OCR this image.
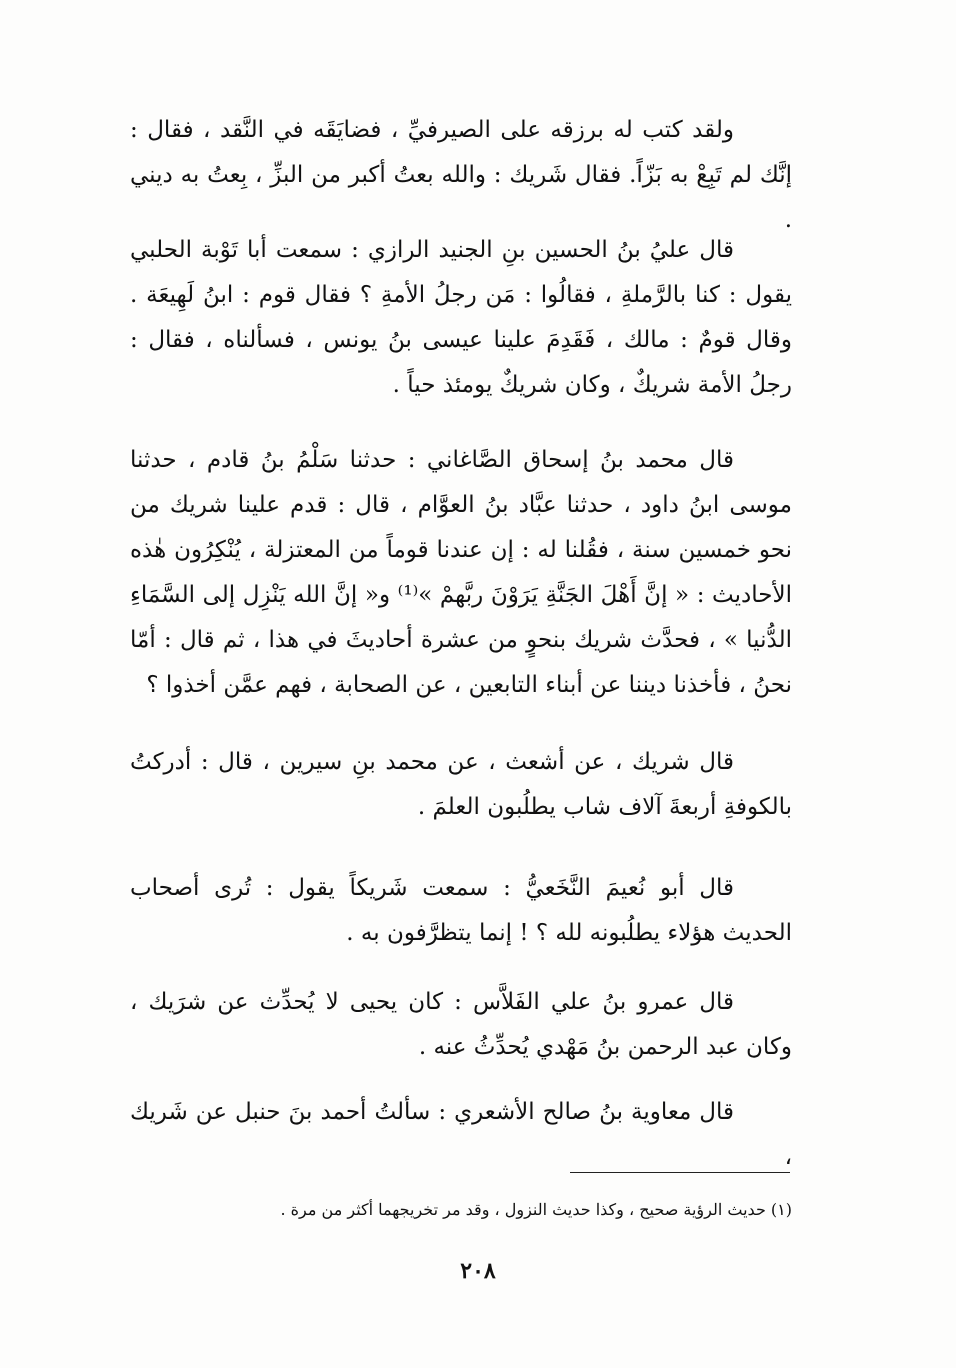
ولقد كتب له برزقه على الصيرفيِّ ، فضايَقَه في النَّقد ، فقال : إنَّك لم تَبِعْ به بَزّاً. فقال شَريك : والله بعتُ أكبر من البزِّ ، بِعتُ به ديني .

قال عليُ بنُ الحسين بنِ الجنيد الرازي : سمعت أبا تَوْبة الحلبي يقول : كنا بالرَّملةِ ، فقالُوا : مَن رجلُ الأمةِ ؟ فقال قوم : ابنُ لَهِيعَة . وقال قومٌ : مالك ، فَقَدِمَ علينا عيسى بنُ يونس ، فسألناه ، فقال : رجلُ الأمة شريكٌ ، وكان شريكٌ يومئذ حياً .

قال محمد بنُ إسحاق الصَّاغاني : حدثنا سَلْمُ بنُ قادم ، حدثنا موسى ابنُ داود ، حدثنا عبَّاد بنُ العوَّام ، قال : قدم علينا شريك من نحو خمسين سنة ، فقُلنا له : إن عندنا قوماً من المعتزلة ، يُنْكِرُون هٰذه الأحاديث : « إنَّ أَهْلَ الجَنَّةِ يَرَوْنَ ربَّهمْ »⁽¹⁾ و« إنَّ الله يَنْزِل إلى السَّمَاءِ الدُّنيا » ، فحدَّث شريك بنحوٍ من عشرة أحاديثَ في هذا ، ثم قال : أمّا نحنُ ، فأخذنا ديننا عن أبناء التابعين ، عن الصحابة ، فهم عمَّن أخذوا ؟

قال شريك ، عن أشعث ، عن محمد بنِ سيرين ، قال : أدركتُ بالكوفةِ أربعةَ آلاف شاب يطلُبون العلمَ .

قال أبو نُعيمَ النَّخَعيُّ : سمعت شَريكاً يقول : تُرى أصحاب الحديث هؤلاء يطلُبونه لله ؟ ! إنما يتظرَّفون به .

قال عمرو بنُ علي الفَلاَّس : كان يحيى لا يُحدِّث عن شرَيك ، وكان عبد الرحمن بنُ مَهْدي يُحدِّثُ عنه .

قال معاوية بنُ صالح الأشعري : سألتُ أحمد بنَ حنبل عن شَريك ،

(١) حديث الرؤية صحيح ، وكذا حديث النزول ، وقد مر تخريجهما أكثر من مرة .
٢٠٨
